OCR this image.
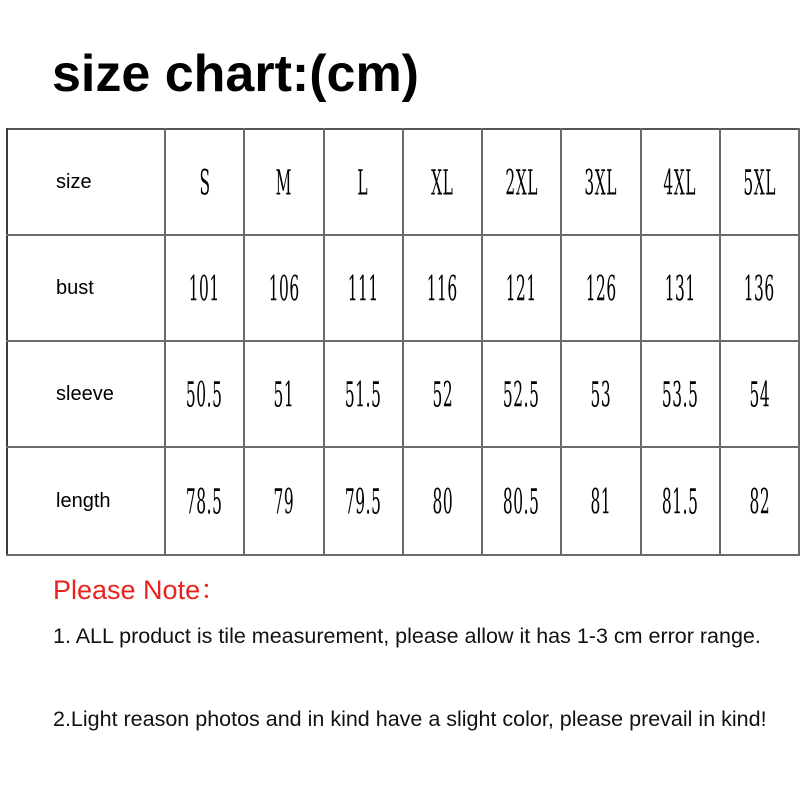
size chart:(cm)
size	S	M	L	XL	2XL	3XL	4XL	5XL

bust	101	106	111	116	121	126	131	136

sleeve	50.5	51	51.5	52	52.5	53	53.5	54

length	78.5	79	79.5	80	80.5	81	81.5	82
Please Note：

1. ALL product is tile measurement, please allow it has 1-3 cm error range.

2.Light reason photos and in kind have a slight color, please prevail in kind!
